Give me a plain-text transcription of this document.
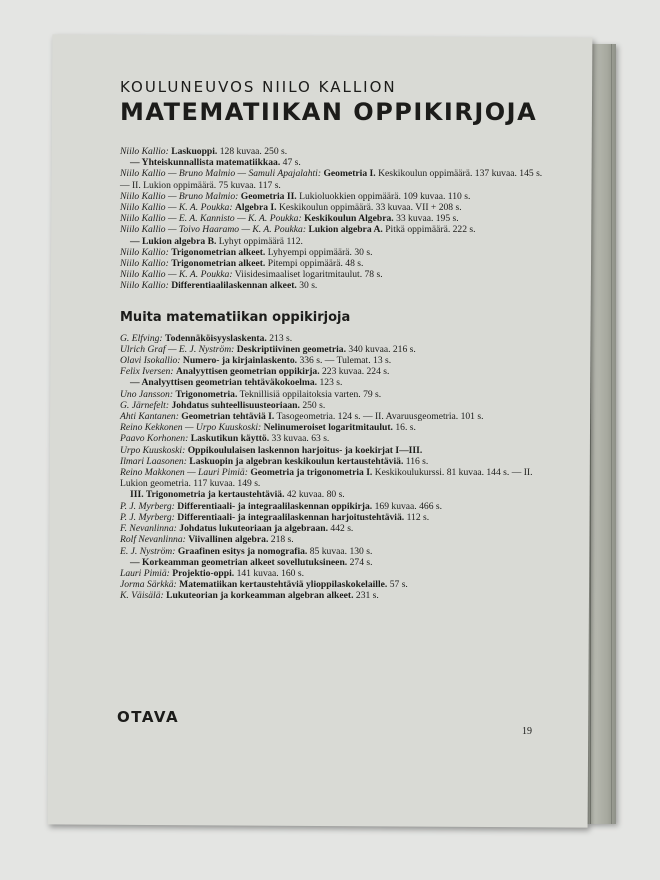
KOULUNEUVOS NIILO KALLION
MATEMATIIKAN OPPIKIRJOJA
Niilo Kallio: Laskuoppi. 128 kuvaa. 250 s.
— Yhteiskunnallista matematiikkaa. 47 s.
Niilo Kallio — Bruno Malmio — Samuli Apajalahti: Geometria I. Keskikoulun oppimäärä. 137 kuvaa. 145 s. — II. Lukion oppimäärä. 75 kuvaa. 117 s.
Niilo Kallio — Bruno Malmio: Geometria II. Lukioluokkien oppimäärä. 109 kuvaa. 110 s.
Niilo Kallio — K. A. Poukka: Algebra I. Keskikoulun oppimäärä. 33 kuvaa. VII + 208 s.
Niilo Kallio — E. A. Kannisto — K. A. Poukka: Keskikoulun Algebra. 33 kuvaa. 195 s.
Niilo Kallio — Toivo Haaramo — K. A. Poukka: Lukion algebra A. Pitkä oppimäärä. 222 s.
— Lukion algebra B. Lyhyt oppimäärä 112.
Niilo Kallio: Trigonometrian alkeet. Lyhyempi oppimäärä. 30 s.
Niilo Kallio: Trigonometrian alkeet. Pitempi oppimäärä. 48 s.
Niilo Kallio — K. A. Poukka: Viisidesimaaliset logaritmitaulut. 78 s.
Niilo Kallio: Differentiaalilaskennan alkeet. 30 s.
Muita matematiikan oppikirjoja
G. Elfving: Todennäköisyyslaskenta. 213 s.
Ulrich Graf — E. J. Nyström: Deskriptiivinen geometria. 340 kuvaa. 216 s.
Olavi Isokallio: Numero- ja kirjainlaskento. 336 s. — Tulemat. 13 s.
Felix Iversen: Analyyttisen geometrian oppikirja. 223 kuvaa. 224 s.
— Analyyttisen geometrian tehtäväkokoelma. 123 s.
Uno Jansson: Trigonometria. Teknillisiä oppilaitoksia varten. 79 s.
G. Järnefelt: Johdatus suhteellisuusteoriaan. 250 s.
Ahti Kantanen: Geometrian tehtäviä I. Tasogeometria. 124 s. — II. Avaruusgeometria. 101 s.
Reino Kekkonen — Urpo Kuuskoski: Nelinumeroiset logaritmitaulut. 16. s.
Paavo Korhonen: Laskutikun käyttö. 33 kuvaa. 63 s.
Urpo Kuuskoski: Oppikoululaisen laskennon harjoitus- ja koekirjat I—III.
Ilmari Laasonen: Laskuopin ja algebran keskikoulun kertaustehtäviä. 116 s.
Reino Makkonen — Lauri Pimiä: Geometria ja trigonometria I. Keskikoulukurssi. 81 kuvaa. 144 s. — II. Lukion geometria. 117 kuvaa. 149 s.
III. Trigonometria ja kertaustehtäviä. 42 kuvaa. 80 s.
P. J. Myrberg: Differentiaali- ja integraalilaskennan oppikirja. 169 kuvaa. 466 s.
P. J. Myrberg: Differentiaali- ja integraalilaskennan harjoitustehtäviä. 112 s.
F. Nevanlinna: Johdatus lukuteoriaan ja algebraan. 442 s.
Rolf Nevanlinna: Viivallinen algebra. 218 s.
E. J. Nyström: Graafinen esitys ja nomografia. 85 kuvaa. 130 s.
— Korkeamman geometrian alkeet sovellutuksineen. 274 s.
Lauri Pimiä: Projektio-oppi. 141 kuvaa. 160 s.
Jorma Särkkä: Matematiikan kertaustehtäviä ylioppilaskokelaille. 57 s.
K. Väisälä: Lukuteorian ja korkeamman algebran alkeet. 231 s.
OTAVA
19
